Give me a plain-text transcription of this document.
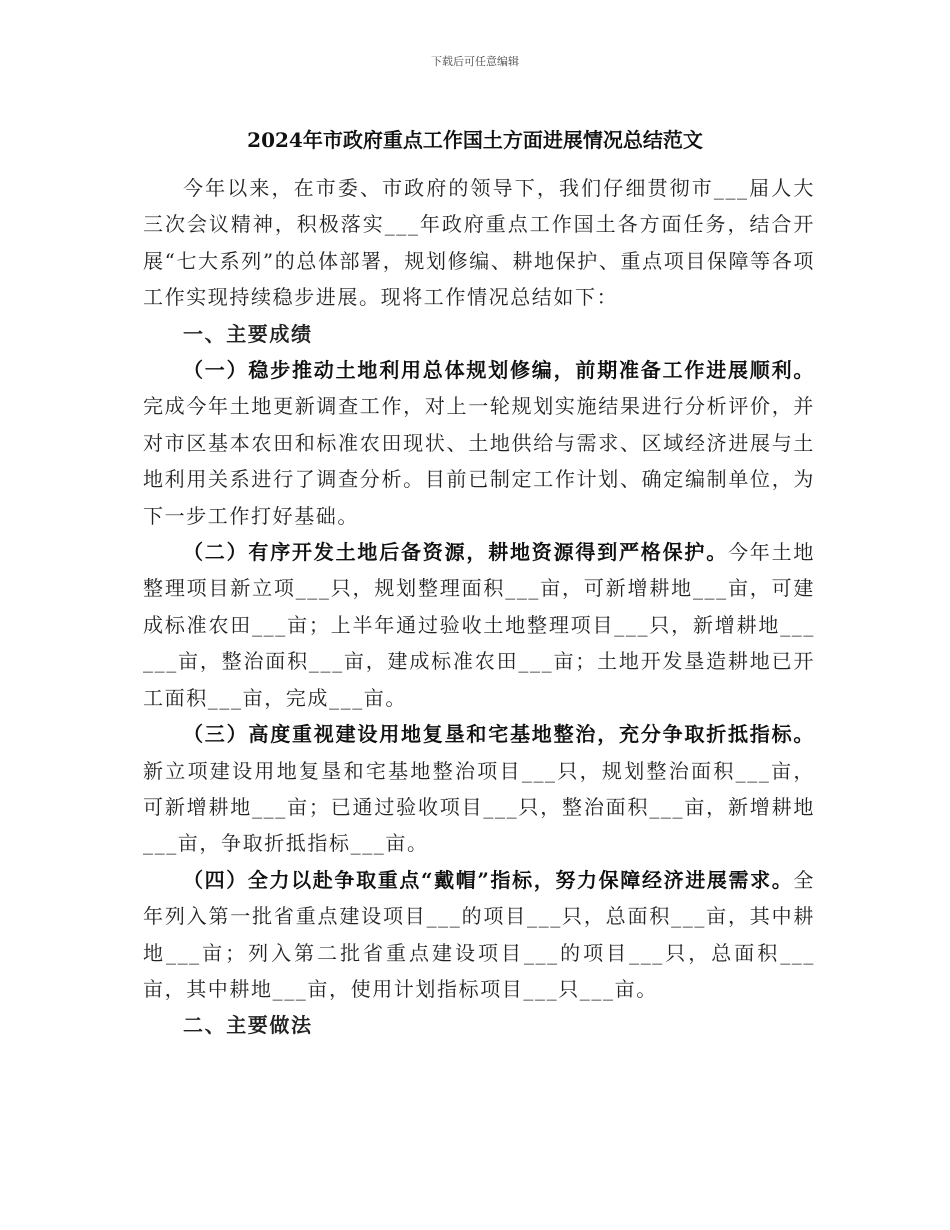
下载后可任意编辑
2024年市政府重点工作国土方面进展情况总结范文

今年以来，在市委、市政府的领导下，我们仔细贯彻市___届人大三次会议精神，积极落实___年政府重点工作国土各方面任务，结合开展“七大系列”的总体部署，规划修编、耕地保护、重点项目保障等各项工作实现持续稳步进展。现将工作情况总结如下：

一、主要成绩

（一）稳步推动土地利用总体规划修编，前期准备工作进展顺利。完成今年土地更新调查工作，对上一轮规划实施结果进行分析评价，并对市区基本农田和标准农田现状、土地供给与需求、区域经济进展与土地利用关系进行了调查分析。目前已制定工作计划、确定编制单位，为下一步工作打好基础。

（二）有序开发土地后备资源，耕地资源得到严格保护。今年土地整理项目新立项___只，规划整理面积___亩，可新增耕地___亩，可建成标准农田___亩；上半年通过验收土地整理项目___只，新增耕地______亩，整治面积___亩，建成标准农田___亩；土地开发垦造耕地已开工面积___亩，完成___亩。

（三）高度重视建设用地复垦和宅基地整治，充分争取折抵指标。新立项建设用地复垦和宅基地整治项目___只，规划整治面积___亩，可新增耕地___亩；已通过验收项目___只，整治面积___亩，新增耕地___亩，争取折抵指标___亩。

（四）全力以赴争取重点“戴帽”指标，努力保障经济进展需求。全年列入第一批省重点建设项目___的项目___只，总面积___亩，其中耕地___亩；列入第二批省重点建设项目___的项目___只，总面积___亩，其中耕地___亩，使用计划指标项目___只___亩。

二、主要做法
